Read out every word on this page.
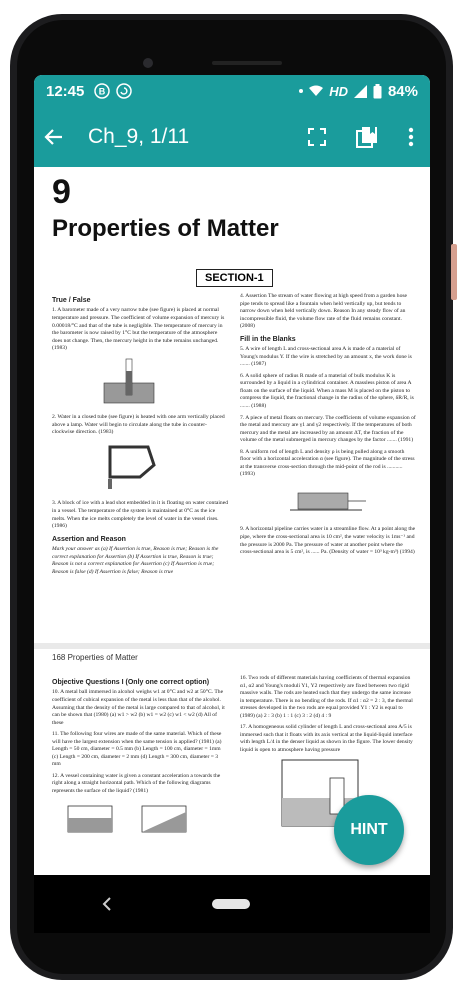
12:45 B	HD	84%
Ch_9, 1/11
9
Properties of Matter
SECTION-1
True / False
1. A barometer made of a very narrow tube (see figure) is placed at normal temperature and pressure. The coefficient of volume expansion of mercury is 0.00018/°C and that of the tube is negligible. The temperature of mercury in the barometer is now raised by 1°C but the temperature of the atmosphere does not change. Then, the mercury height in the tube remains unchanged. (1983)
2. Water in a closed tube (see figure) is heated with one arm vertically placed above a lamp. Water will begin to circulate along the tube in counter-clockwise direction. (1983)
3. A block of ice with a lead shot embedded in it is floating on water contained in a vessel. The temperature of the system is maintained at 0°C as the ice melts. When the ice melts completely the level of water in the vessel rises. (1986)
Assertion and Reason
Mark your answer as (a) If Assertion is true, Reason is true; Reason is the correct explanation for Assertion (b) If Assertion is true, Reason is true; Reason is not a correct explanation for Assertion (c) If Assertion is true; Reason is false (d) If Assertion is false; Reason is true
4. Assertion The stream of water flowing at high speed from a garden hose pipe tends to spread like a fountain when held vertically up, but tends to narrow down when held vertically down. Reason In any steady flow of an incompressible fluid, the volume flow rate of the fluid remains constant. (2008)
Fill in the Blanks
5. A wire of length L and cross-sectional area A is made of a material of Young's modulus Y. If the wire is stretched by an amount x, the work done is ....... (1987)
6. A solid sphere of radius R made of a material of bulk modulus K is surrounded by a liquid in a cylindrical container. A massless piston of area A floats on the surface of the liquid. When a mass M is placed on the piston to compress the liquid, the fractional change in the radius of the sphere, δR/R, is ....... (1988)
7. A piece of metal floats on mercury. The coefficients of volume expansion of the metal and mercury are γ1 and γ2 respectively. If the temperatures of both mercury and the metal are increased by an amount ΔT, the fraction of the volume of the metal submerged in mercury changes by the factor ....... (1991)
8. A uniform rod of length L and density ρ is being pulled along a smooth floor with a horizontal acceleration α (see figure). The magnitude of the stress at the transverse cross-section through the mid-point of the rod is ........... (1993)
9. A horizontal pipeline carries water in a streamline flow. At a point along the pipe, where the cross-sectional area is 10 cm², the water velocity is 1ms⁻¹ and the pressure is 2000 Pa. The pressure of water at another point where the cross-sectional area is 5 cm², is ...... Pa. (Density of water = 10³ kg-m³) (1994)
168 Properties of Matter
Objective Questions I (Only one correct option)
10. A metal ball immersed in alcohol weighs w1 at 0°C and w2 at 50°C. The coefficient of cubical expansion of the metal is less than that of the alcohol. Assuming that the density of the metal is large compared to that of alcohol, it can be shown that (1980) (a) w1 > w2 (b) w1 = w2 (c) w1 < w2 (d) All of these
11. The following four wires are made of the same material. Which of these will have the largest extension when the same tension is applied? (1981) (a) Length = 50 cm, diameter = 0.5 mm (b) Length = 100 cm, diameter = 1mm (c) Length = 200 cm, diameter = 2 mm (d) Length = 300 cm, diameter = 3 mm
12. A vessel containing water is given a constant acceleration a towards the right along a straight horizontal path. Which of the following diagrams represents the surface of the liquid? (1981)
16. Two rods of different materials having coefficients of thermal expansion α1, α2 and Young's moduli Y1, Y2 respectively are fixed between two rigid massive walls. The rods are heated such that they undergo the same increase in temperature. There is no bending of the rods. If α1 : α2 = 2 : 3, the thermal stresses developed in the two rods are equal provided Y1 : Y2 is equal to (1989) (a) 2 : 3 (b) 1 : 1 (c) 3 : 2 (d) 4 : 9
17. A homogeneous solid cylinder of length L and cross-sectional area A/5 is immersed such that it floats with its axis vertical at the liquid-liquid interface with length L/4 in the denser liquid as shown in the figure. The lower density liquid is open to atmosphere having pressure
HINT
